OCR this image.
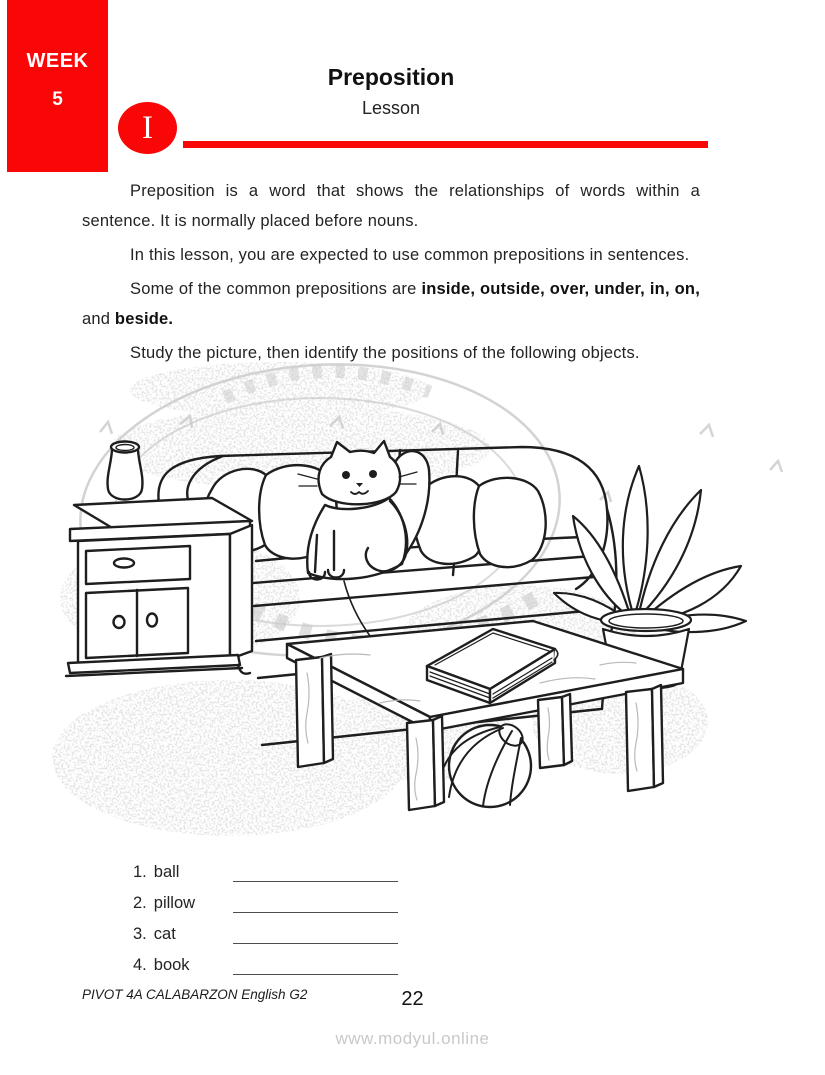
WEEK
5
Preposition
Lesson
I

Preposition is a word that shows the relationships of words within a sentence. It is normally placed before nouns.

In this lesson, you are expected to use common prepositions in sentences.

Some of the common prepositions are inside, outside, over, under, in, on, and beside.

Study the picture, then identify the positions of the following objects.

1. ball
2. pillow
3. cat
4. book
PIVOT 4A CALABARZON English G2	22
www.modyul.online
